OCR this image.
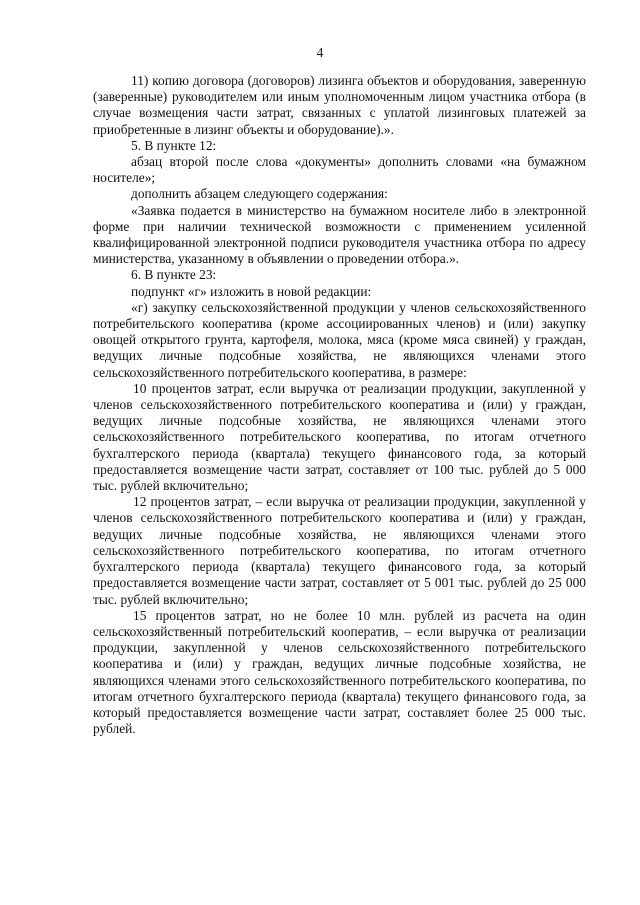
4

11) копию договора (договоров) лизинга объектов и оборудования, заверенную (заверенные) руководителем или иным уполномоченным лицом участника отбора (в случае возмещения части затрат, связанных с уплатой лизинговых платежей за приобретенные в лизинг объекты и оборудование).».

5. В пункте 12:

абзац второй после слова «документы» дополнить словами «на бумажном носителе»;

дополнить абзацем следующего содержания:

«Заявка подается в министерство на бумажном носителе либо в электронной форме при наличии технической возможности с применением усиленной квалифицированной электронной подписи руководителя участника отбора по адресу министерства, указанному в объявлении о проведении отбора.».

6. В пункте 23:

подпункт «г» изложить в новой редакции:

«г) закупку сельскохозяйственной продукции у членов сельскохозяйственного потребительского кооператива (кроме ассоциированных членов) и (или) закупку овощей открытого грунта, картофеля, молока, мяса (кроме мяса свиней) у граждан, ведущих личные подсобные хозяйства, не являющихся членами этого сельскохозяйственного потребительского кооператива, в размере:

10 процентов затрат, если выручка от реализации продукции, закупленной у членов сельскохозяйственного потребительского кооператива и (или) у граждан, ведущих личные подсобные хозяйства, не являющихся членами этого сельскохозяйственного потребительского кооператива, по итогам отчетного бухгалтерского периода (квартала) текущего финансового года, за который предоставляется возмещение части затрат, составляет от 100 тыс. рублей до 5 000 тыс. рублей включительно;

12 процентов затрат, – если выручка от реализации продукции, закупленной у членов сельскохозяйственного потребительского кооператива и (или) у граждан, ведущих личные подсобные хозяйства, не являющихся членами этого сельскохозяйственного потребительского кооператива, по итогам отчетного бухгалтерского периода (квартала) текущего финансового года, за который предоставляется возмещение части затрат, составляет от 5 001 тыс. рублей до 25 000 тыс. рублей включительно;

15 процентов затрат, но не более 10 млн. рублей из расчета на один сельскохозяйственный потребительский кооператив, – если выручка от реализации продукции, закупленной у членов сельскохозяйственного потребительского кооператива и (или) у граждан, ведущих личные подсобные хозяйства, не являющихся членами этого сельскохозяйственного потребительского кооператива, по итогам отчетного бухгалтерского периода (квартала) текущего финансового года, за который предоставляется возмещение части затрат, составляет более 25 000 тыс. рублей.
